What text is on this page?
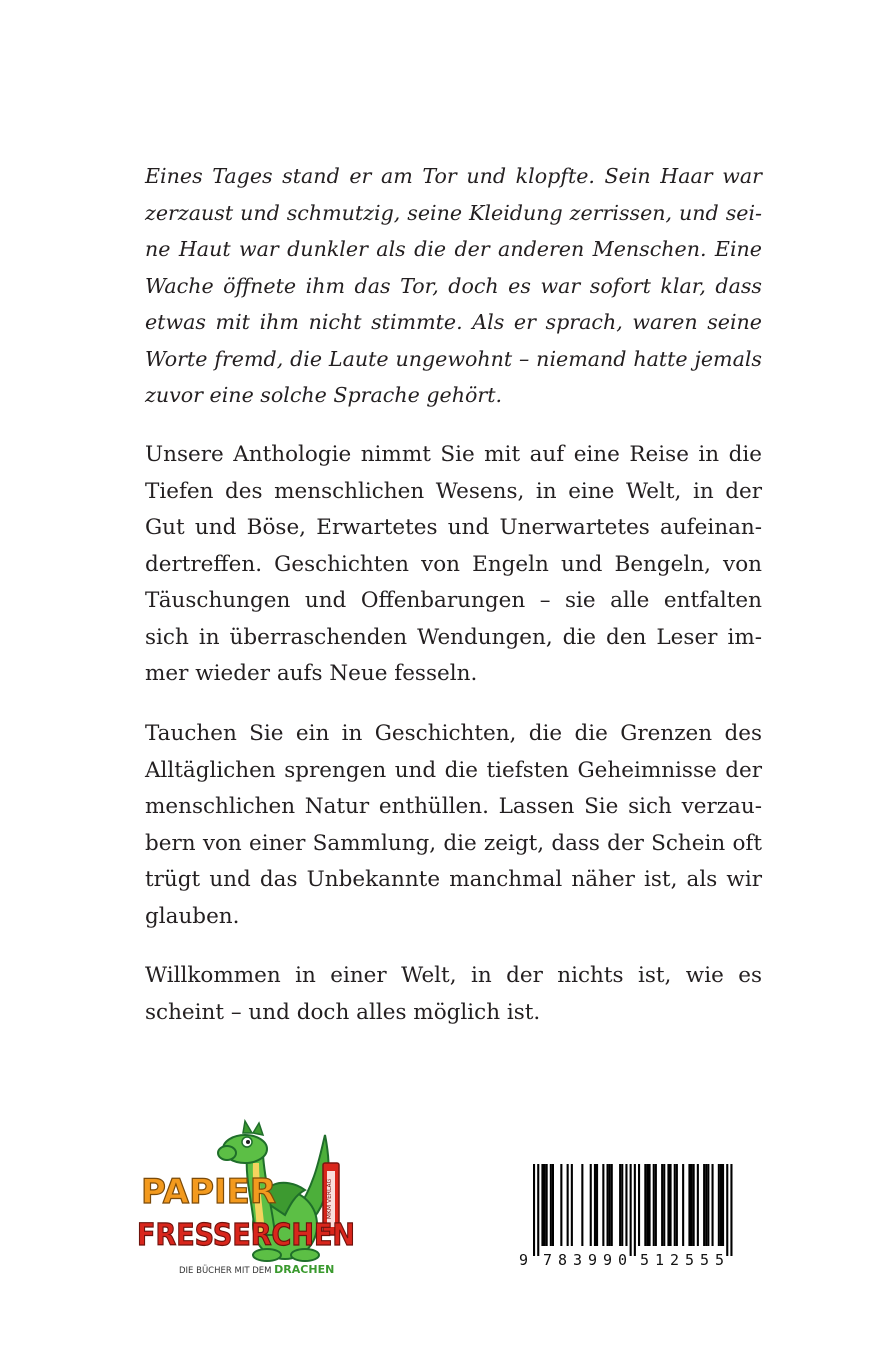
Eines Tages stand er am Tor und klopfte. Sein Haar war
zerzaust und schmutzig, seine Kleidung zerrissen, und sei-
ne Haut war dunkler als die der anderen Menschen. Eine
Wache öffnete ihm das Tor, doch es war sofort klar, dass
etwas mit ihm nicht stimmte. Als er sprach, waren seine
Worte fremd, die Laute ungewohnt – niemand hatte jemals
zuvor eine solche Sprache gehört.
Unsere Anthologie nimmt Sie mit auf eine Reise in die
Tiefen des menschlichen Wesens, in eine Welt, in der
Gut und Böse, Erwartetes und Unerwartetes aufeinan-
dertreffen. Geschichten von Engeln und Bengeln, von
Täuschungen und Offenbarungen – sie alle entfalten
sich in überraschenden Wendungen, die den Leser im-
mer wieder aufs Neue fesseln.
Tauchen Sie ein in Geschichten, die die Grenzen des
Alltäglichen sprengen und die tiefsten Geheimnisse der
menschlichen Natur enthüllen. Lassen Sie sich verzau-
bern von einer Sammlung, die zeigt, dass der Schein oft
trügt und das Unbekannte manchmal näher ist, als wir
glauben.
Willkommen in einer Welt, in der nichts ist, wie es
scheint – und doch alles möglich ist.
MKM VERLAG
PAPIER
FRESSERCHEN
DIE BÜCHER MIT DEM DRACHEN
9 783990 512555
